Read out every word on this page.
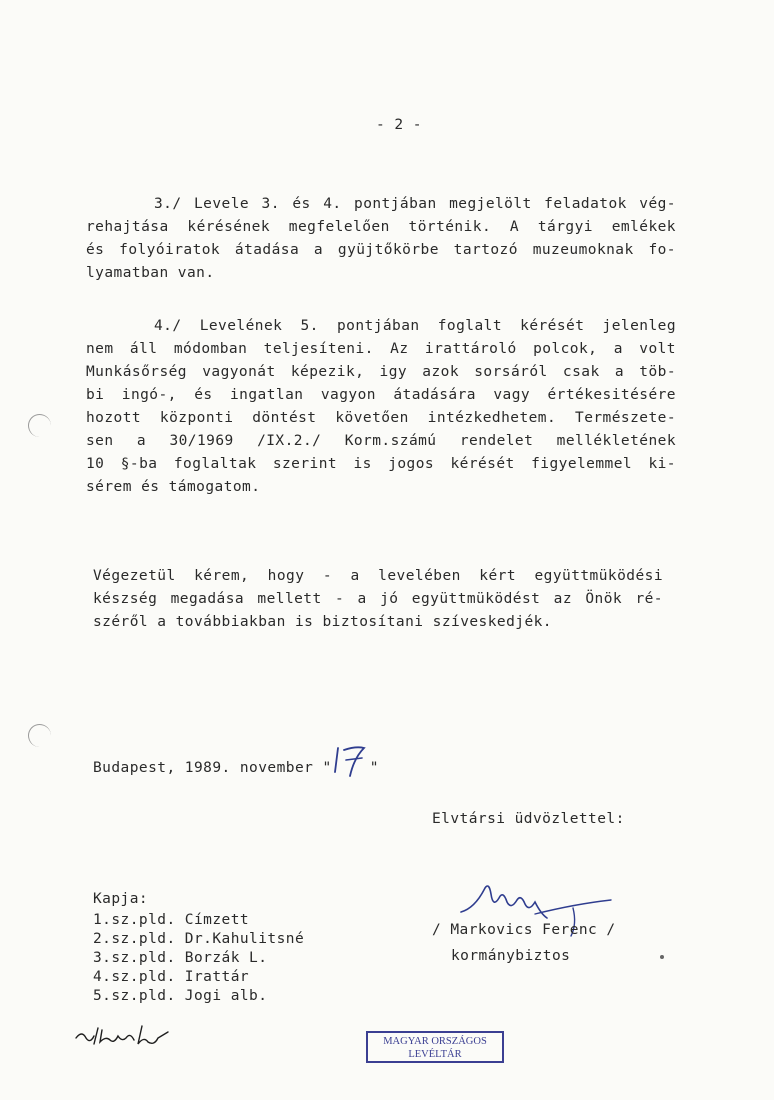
- 2 -
3./ Levele 3. és 4. pontjában megjelölt feladatok vég-
rehajtása kérésének megfelelően történik. A tárgyi emlékek
és folyóiratok átadása a gyüjtőkörbe tartozó muzeumoknak fo-
lyamatban van.
4./ Levelének 5. pontjában foglalt kérését jelenleg
nem áll módomban teljesíteni. Az irattároló polcok, a volt
Munkásőrség vagyonát képezik, igy azok sorsáról csak a töb-
bi ingó-, és ingatlan vagyon átadására vagy értékesitésére
hozott központi döntést követően intézkedhetem. Természete-
sen a 30/1969 /IX.2./ Korm.számú rendelet mellékletének
10 §-ba foglaltak szerint is jogos kérését figyelemmel ki-
sérem és támogatom.
Végezetül kérem, hogy - a levelében kért együttmüködési
készség megadása mellett - a jó együttmüködést az Önök ré-
széről a továbbiakban is biztosítani szíveskedjék.
Budapest, 1989. november "	"
Elvtársi üdvözlettel:
Kapja:
1.sz.pld. Címzett
2.sz.pld. Dr.Kahulitsné
3.sz.pld. Borzák L.
4.sz.pld. Irattár
5.sz.pld. Jogi alb.
/ Markovics Ferenc /
kormánybiztos
MAGYAR ORSZÁGOS
LEVÉLTÁR
